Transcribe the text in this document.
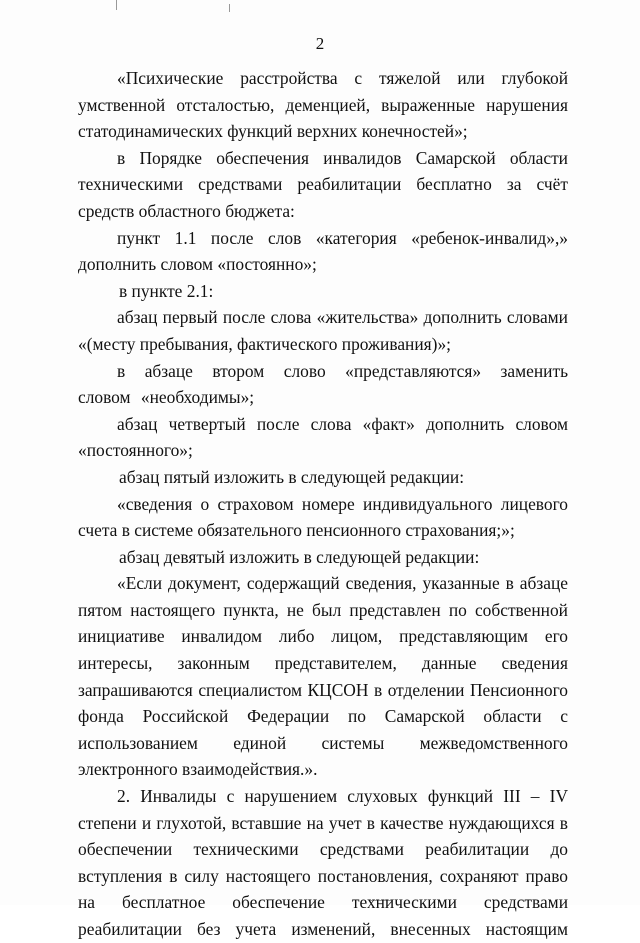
2

«Психические расстройства с тяжелой или глубокой умственной отсталостью, деменцией, выраженные нарушения статодинамических функций верхних конечностей»;

в Порядке обеспечения инвалидов Самарской области техническими средствами реабилитации бесплатно за счёт средств областного бюджета:

пункт 1.1 после слов «категория «ребенок-инвалид»,» дополнить словом «постоянно»;

в пункте 2.1:

абзац первый после слова «жительства» дополнить словами «(месту пребывания, фактического проживания)»;

в абзаце втором слово «представляются» заменить словом «необходимы»;

абзац четвертый после слова «факт» дополнить словом «постоянного»;

абзац пятый изложить в следующей редакции:

«сведения о страховом номере индивидуального лицевого счета в системе обязательного пенсионного страхования;»;

абзац девятый изложить в следующей редакции:

«Если документ, содержащий сведения, указанные в абзаце пятом настоящего пункта, не был представлен по собственной инициативе инвалидом либо лицом, представляющим его интересы, законным представителем, данные сведения запрашиваются специалистом КЦСОН в отделении Пенсионного фонда Российской Федерации по Самарской области с использованием единой системы межведомственного электронного взаимодействия.».

2. Инвалиды с нарушением слуховых функций III – IV степени и глухотой, вставшие на учет в качестве нуждающихся в обеспечении техническими средствами реабилитации до вступления в силу настоящего постановления, сохраняют право на бесплатное обеспечение техническими средствами реабилитации без учета изменений, внесенных настоящим
